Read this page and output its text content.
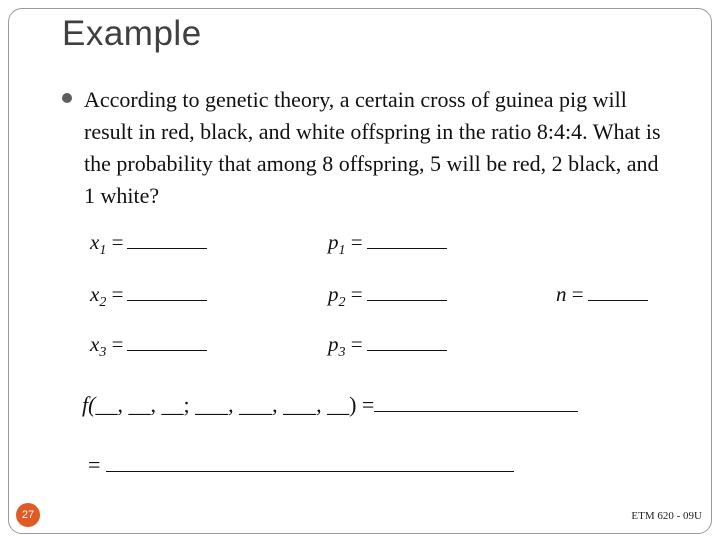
Example
According to genetic theory, a certain cross of guinea pig will result in red, black, and white offspring in the ratio 8:4:4. What is the probability that among 8 offspring, 5 will be red, 2 black, and 1 white?
$x_1$ =	$p_1$ =
$x_2$ =	$p_2$ =	n =
$x_3$ =	$p_3$ =
f(__, __, __; ___, ___, ___, __) =
=
27	ETM 620 - 09U
